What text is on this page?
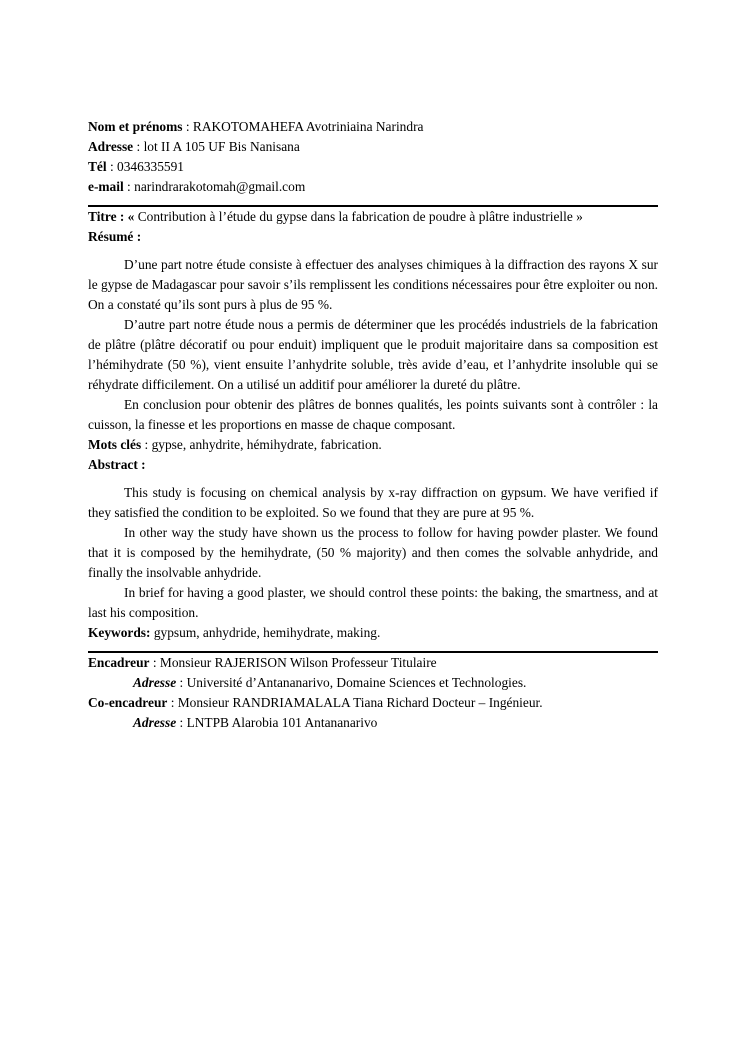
Nom et prénoms : RAKOTOMAHEFA Avotriniaina Narindra

Adresse : lot II A 105 UF Bis Nanisana

Tél : 0346335591

e-mail : narindrarakotomah@gmail.com

Titre : « Contribution à l’étude du gypse dans la fabrication de poudre à plâtre industrielle »

Résumé :

D’une part notre étude consiste à effectuer des analyses chimiques à la diffraction des rayons X sur le gypse de Madagascar pour savoir s’ils remplissent les conditions nécessaires pour être exploiter ou non. On a constaté qu’ils sont purs à plus de 95 %.

D’autre part notre étude nous a permis de déterminer que les procédés industriels de la fabrication de plâtre (plâtre décoratif ou pour enduit) impliquent que le produit majoritaire dans sa composition est l’hémihydrate (50 %), vient ensuite l’anhydrite soluble, très avide d’eau, et l’anhydrite insoluble qui se réhydrate difficilement. On a utilisé un additif pour améliorer la dureté du plâtre.

En conclusion pour obtenir des plâtres de bonnes qualités, les points suivants sont à contrôler : la cuisson, la finesse et les proportions en masse de chaque composant.

Mots clés : gypse, anhydrite, hémihydrate, fabrication.

Abstract :

This study is focusing on chemical analysis by x-ray diffraction on gypsum. We have verified if they satisfied the condition to be exploited. So we found that they are pure at 95 %.

In other way the study have shown us the process to follow for having powder plaster. We found that it is composed by the hemihydrate, (50 % majority) and then comes the solvable anhydride, and finally the insolvable anhydride.

In brief for having a good plaster, we should control these points: the baking, the smartness, and at last his composition.

Keywords: gypsum, anhydride, hemihydrate, making.

Encadreur : Monsieur RAJERISON Wilson Professeur Titulaire

Adresse : Université d’Antananarivo, Domaine Sciences et Technologies.

Co-encadreur : Monsieur RANDRIAMALALA Tiana Richard Docteur – Ingénieur.

Adresse : LNTPB Alarobia 101 Antananarivo
